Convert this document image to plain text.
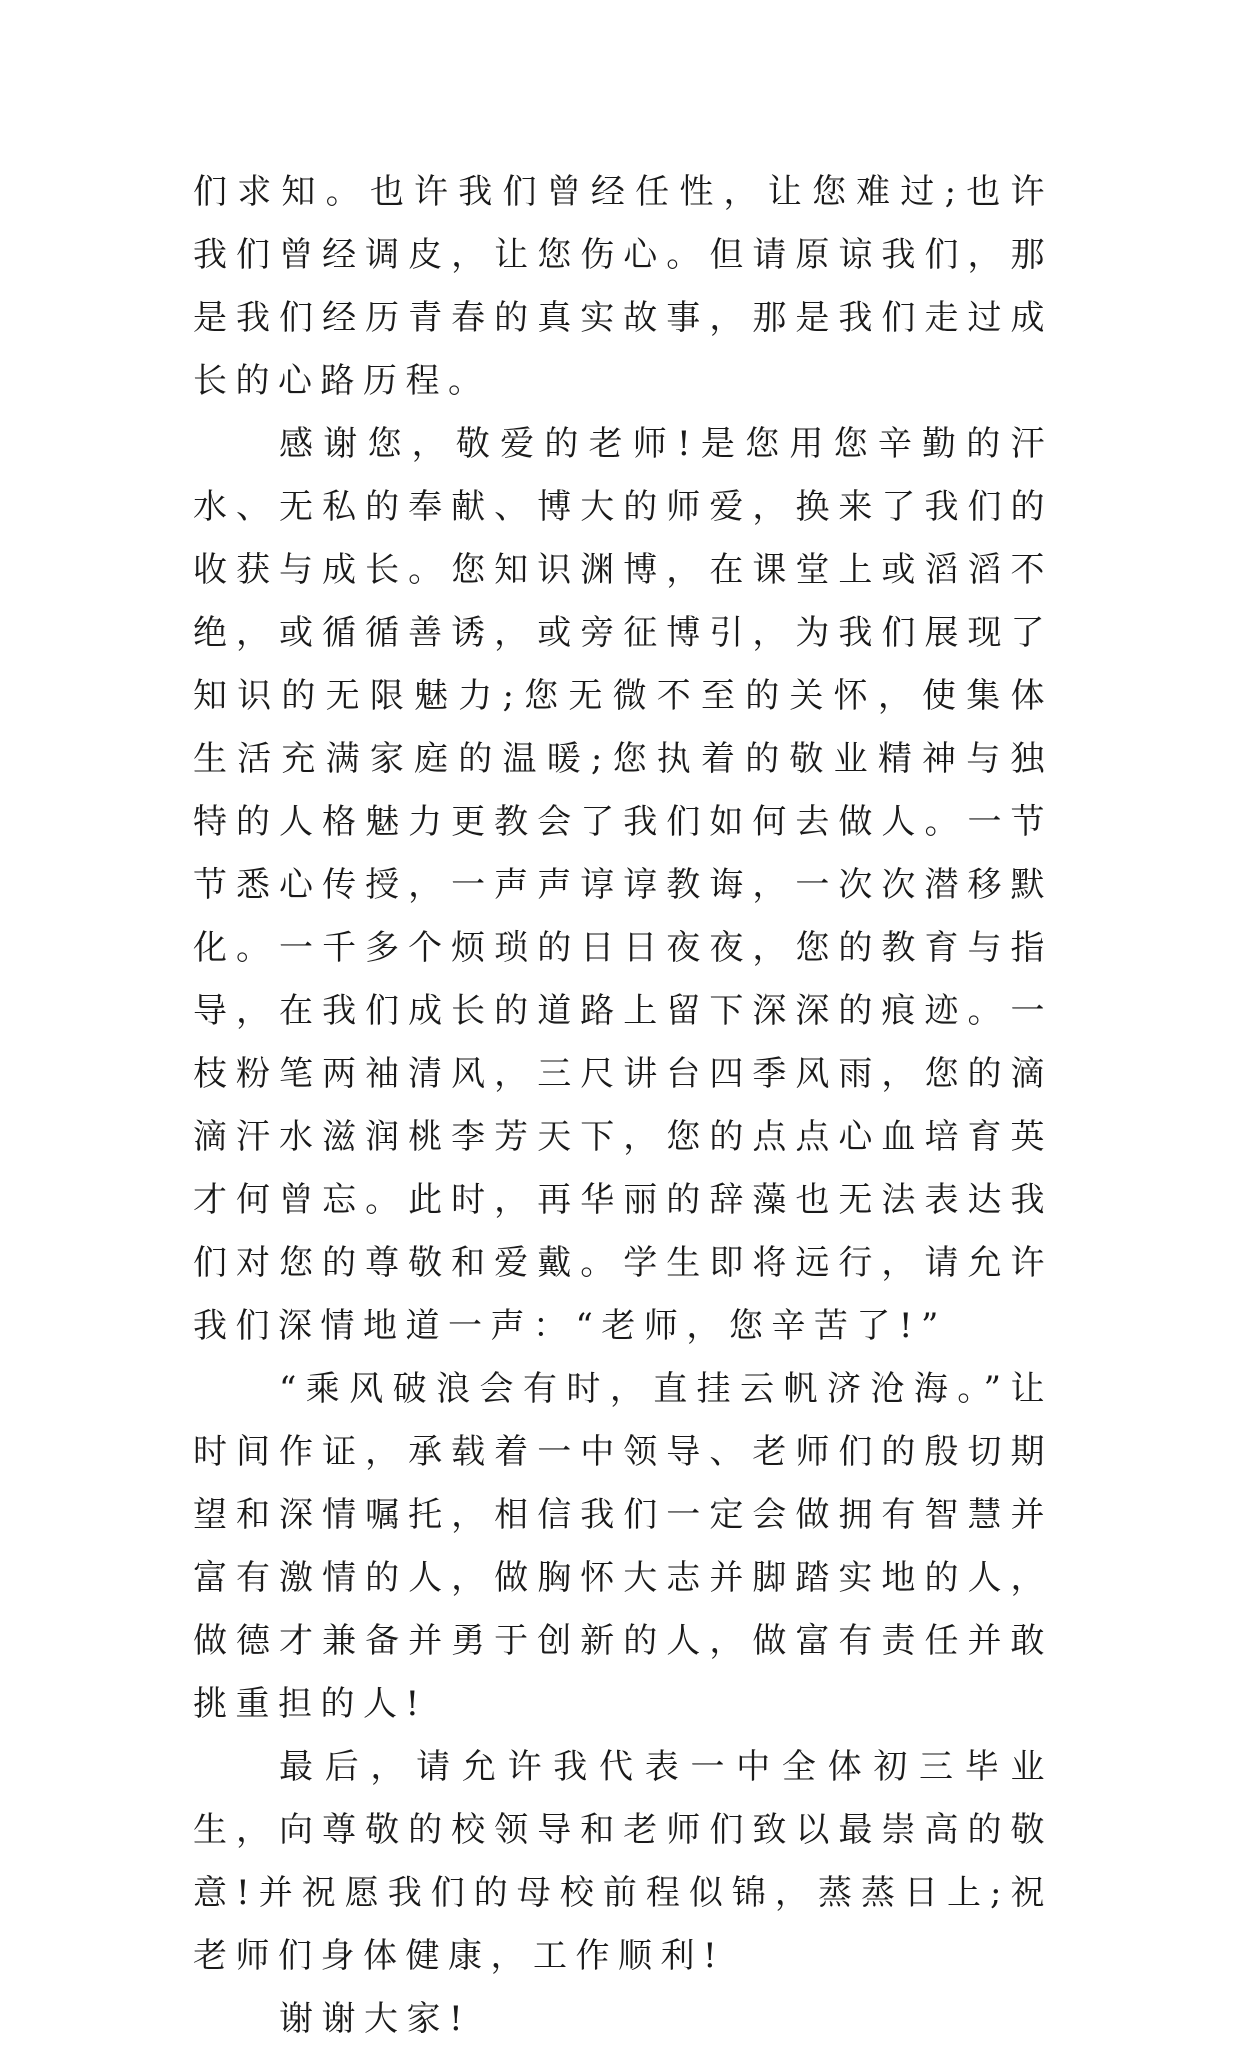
们求知。也许我们曾经任性，让您难过;也许我们曾经调皮，让您伤心。但请原谅我们，那是我们经历青春的真实故事，那是我们走过成长的心路历程。

感谢您，敬爱的老师!是您用您辛勤的汗水、无私的奉献、博大的师爱，换来了我们的收获与成长。您知识渊博，在课堂上或滔滔不绝，或循循善诱，或旁征博引，为我们展现了知识的无限魅力;您无微不至的关怀，使集体生活充满家庭的温暖;您执着的敬业精神与独特的人格魅力更教会了我们如何去做人。一节节悉心传授，一声声谆谆教诲，一次次潜移默化。一千多个烦琐的日日夜夜，您的教育与指导，在我们成长的道路上留下深深的痕迹。一枝粉笔两袖清风，三尺讲台四季风雨，您的滴滴汗水滋润桃李芳天下，您的点点心血培育英才何曾忘。此时，再华丽的辞藻也无法表达我们对您的尊敬和爱戴。学生即将远行，请允许我们深情地道一声：“老师，您辛苦了!”

“乘风破浪会有时，直挂云帆济沧海。”让时间作证，承载着一中领导、老师们的殷切期望和深情嘱托，相信我们一定会做拥有智慧并富有激情的人，做胸怀大志并脚踏实地的人，做德才兼备并勇于创新的人，做富有责任并敢挑重担的人!

最后，请允许我代表一中全体初三毕业生，向尊敬的校领导和老师们致以最崇高的敬意!并祝愿我们的母校前程似锦，蒸蒸日上;祝老师们身体健康，工作顺利!

谢谢大家!
